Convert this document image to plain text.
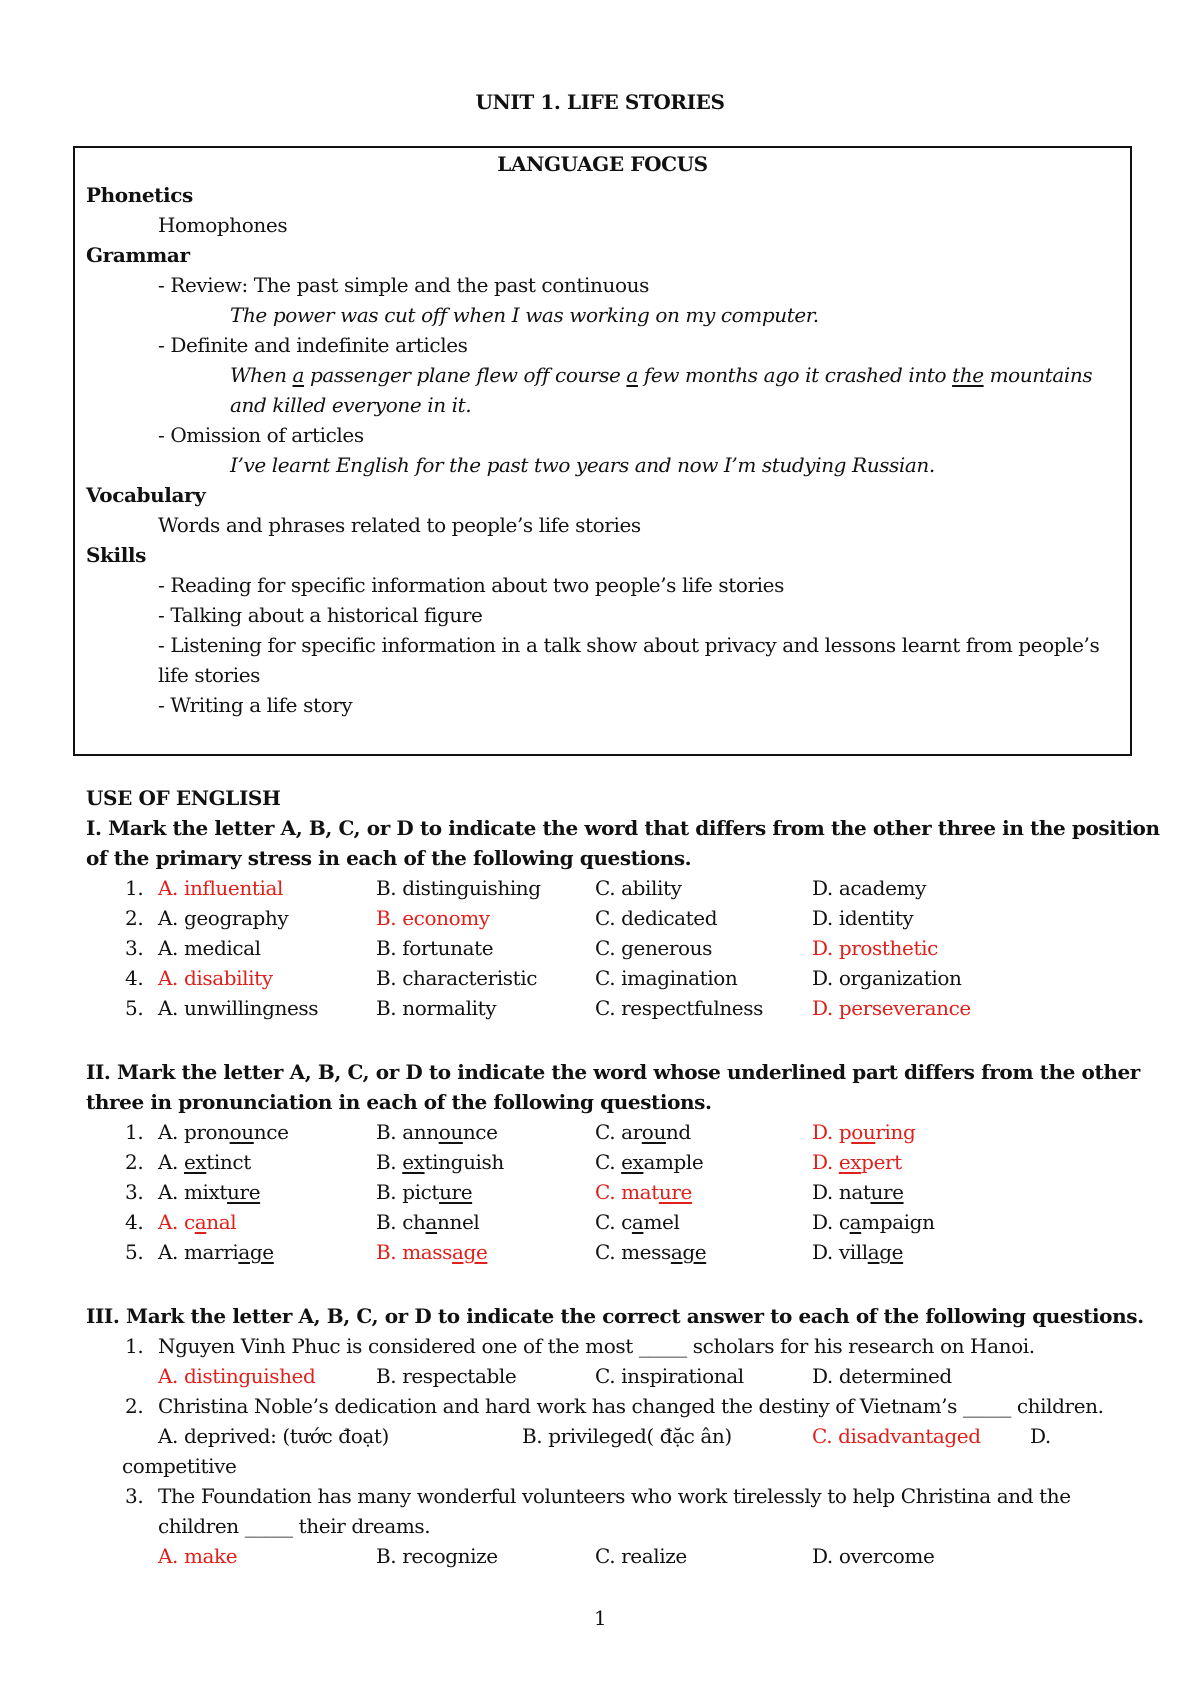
UNIT 1. LIFE STORIES
LANGUAGE FOCUS
Phonetics
Homophones
Grammar
- Review: The past simple and the past continuous
The power was cut off when I was working on my computer.
- Definite and indefinite articles
When a passenger plane flew off course a few months ago it crashed into the mountains
and killed everyone in it.
- Omission of articles
I’ve learnt English for the past two years and now I’m studying Russian.
Vocabulary
Words and phrases related to people’s life stories
Skills
- Reading for specific information about two people’s life stories
- Talking about a historical figure
- Listening for specific information in a talk show about privacy and lessons learnt from people’s
life stories
- Writing a life story
USE OF ENGLISH
I. Mark the letter A, B, C, or D to indicate the word that differs from the other three in the position
of the primary stress in each of the following questions.
1. A. influential	B. distinguishing	C. ability	D. academy
2. A. geography	B. economy	C. dedicated	D. identity
3. A. medical	B. fortunate	C. generous	D. prosthetic
4. A. disability	B. characteristic	C. imagination	D. organization
5. A. unwillingness	B. normality	C. respectfulness D. perseverance
II. Mark the letter A, B, C, or D to indicate the word whose underlined part differs from the other
three in pronunciation in each of the following questions.
1. A. pronounce	B. announce	C. around	D. pouring
2. A. extinct	B. extinguish	C. example	D. expert
3. A. mixture	B. picture	C. mature	D. nature
4. A. canal	B. channel	C. camel	D. campaign
5. A. marriage	B. massage	C. message	D. village
III. Mark the letter A, B, C, or D to indicate the correct answer to each of the following questions.
1. Nguyen Vinh Phuc is considered one of the most _____ scholars for his research on Hanoi.
A. distinguished	B. respectable	C. inspirational	D. determined
2. Christina Noble’s dedication and hard work has changed the destiny of Vietnam’s _____ children.
A. deprived: (tước đoạt)	B. privileged( đặc ân)	C. disadvantaged D.
competitive
3. The Foundation has many wonderful volunteers who work tirelessly to help Christina and the
children _____ their dreams.
A. make	B. recognize	C. realize	D. overcome
1
